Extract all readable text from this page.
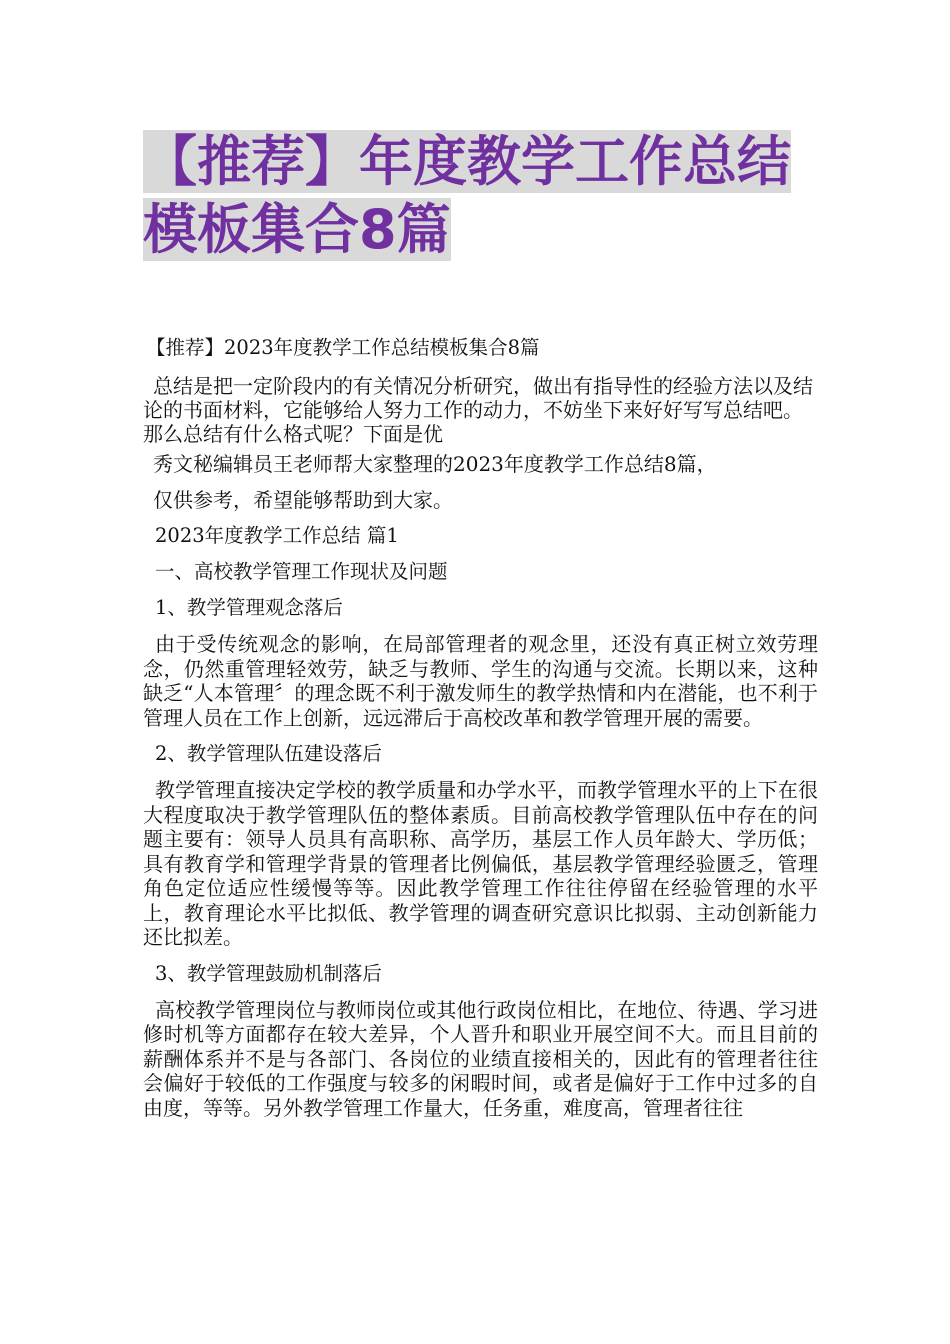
【推荐】年度教学工作总结模板集合8篇

【推荐】2023年度教学工作总结模板集合8篇

总结是把一定阶段内的有关情况分析研究，做出有指导性的经验方法以及结论的书面材料，它能够给人努力工作的动力，不妨坐下来好好写写总结吧。那么总结有什么格式呢？下面是优
秀文秘编辑员王老师帮大家整理的2023年度教学工作总结8篇，
仅供参考，希望能够帮助到大家。

2023年度教学工作总结 篇1

一、高校教学管理工作现状及问题

1、教学管理观念落后

由于受传统观念的影响，在局部管理者的观念里，还没有真正树立效劳理念，仍然重管理轻效劳，缺乏与教师、学生的沟通与交流。长期以来，这种缺乏“人本管理〞的理念既不利于激发师生的教学热情和内在潜能，也不利于管理人员在工作上创新，远远滞后于高校改革和教学管理开展的需要。

2、教学管理队伍建设落后

教学管理直接决定学校的教学质量和办学水平，而教学管理水平的上下在很大程度取决于教学管理队伍的整体素质。目前高校教学管理队伍中存在的问题主要有：领导人员具有高职称、高学历，基层工作人员年龄大、学历低；具有教育学和管理学背景的管理者比例偏低，基层教学管理经验匮乏，管理角色定位适应性缓慢等等。因此教学管理工作往往停留在经验管理的水平上，教育理论水平比拟低、教学管理的调查研究意识比拟弱、主动创新能力还比拟差。

3、教学管理鼓励机制落后

高校教学管理岗位与教师岗位或其他行政岗位相比，在地位、待遇、学习进修时机等方面都存在较大差异，个人晋升和职业开展空间不大。而且目前的薪酬体系并不是与各部门、各岗位的业绩直接相关的，因此有的管理者往往会偏好于较低的工作强度与较多的闲暇时间，或者是偏好于工作中过多的自由度，等等。另外教学管理工作量大，任务重，难度高，管理者往往
